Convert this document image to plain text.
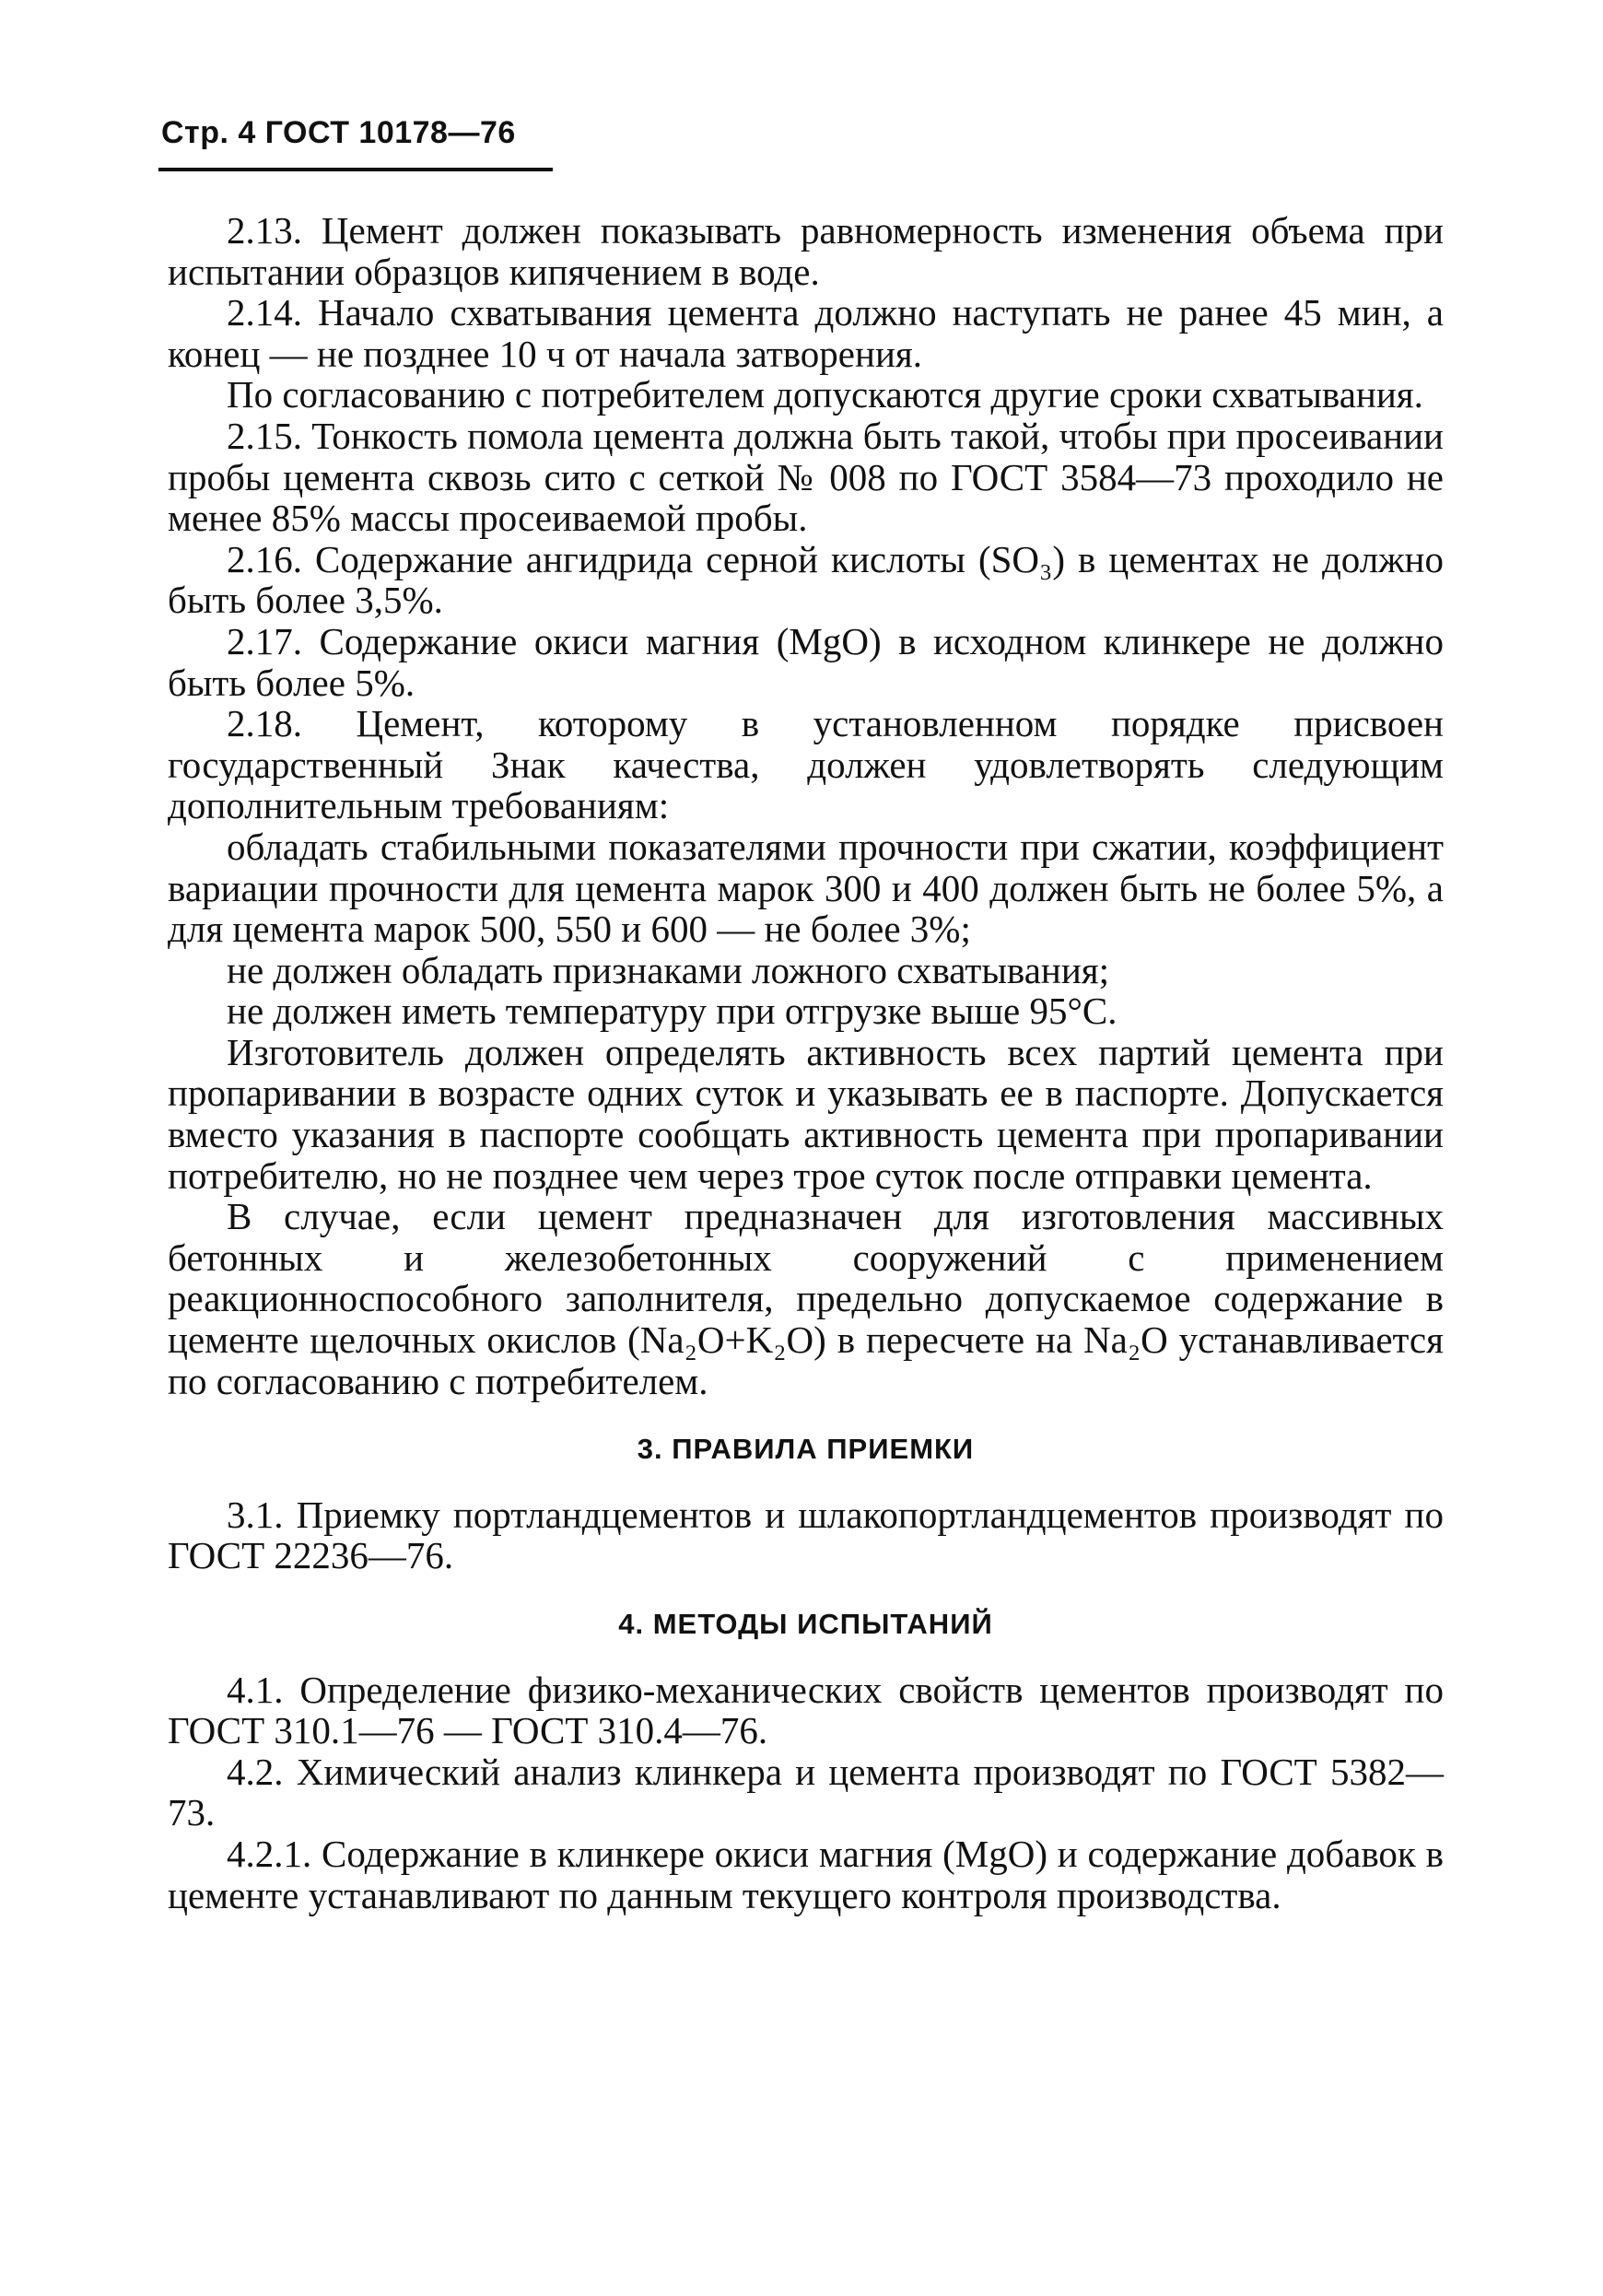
Стр. 4 ГОСТ 10178—76

2.13. Цемент должен показывать равномерность изменения объема при испытании образцов кипячением в воде.

2.14. Начало схватывания цемента должно наступать не ранее 45 мин, а конец — не позднее 10 ч от начала затворения.

По согласованию с потребителем допускаются другие сроки схватывания.

2.15. Тонкость помола цемента должна быть такой, чтобы при просеивании пробы цемента сквозь сито с сеткой № 008 по ГОСТ 3584—73 проходило не менее 85% массы просеиваемой пробы.

2.16. Содержание ангидрида серной кислоты (SO₃) в цементах не должно быть более 3,5%.

2.17. Содержание окиси магния (MgO) в исходном клинкере не должно быть более 5%.

2.18. Цемент, которому в установленном порядке присвоен государственный Знак качества, должен удовлетворять следующим дополнительным требованиям:

обладать стабильными показателями прочности при сжатии, коэффициент вариации прочности для цемента марок 300 и 400 должен быть не более 5%, а для цемента марок 500, 550 и 600 — не более 3%;

не должен обладать признаками ложного схватывания;

не должен иметь температуру при отгрузке выше 95°С.

Изготовитель должен определять активность всех партий цемента при пропаривании в возрасте одних суток и указывать ее в паспорте. Допускается вместо указания в паспорте сообщать активность цемента при пропаривании потребителю, но не позднее чем через трое суток после отправки цемента.

В случае, если цемент предназначен для изготовления массивных бетонных и железобетонных сооружений с применением реакционноспособного заполнителя, предельно допускаемое содержание в цементе щелочных окислов (Na₂O+K₂O) в пересчете на Na₂O устанавливается по согласованию с потребителем.

3. ПРАВИЛА ПРИЕМКИ

3.1. Приемку портландцементов и шлакопортландцементов производят по ГОСТ 22236—76.

4. МЕТОДЫ ИСПЫТАНИЙ

4.1. Определение физико-механических свойств цементов производят по ГОСТ 310.1—76 — ГОСТ 310.4—76.

4.2. Химический анализ клинкера и цемента производят по ГОСТ 5382—73.

4.2.1. Содержание в клинкере окиси магния (MgO) и содержание добавок в цементе устанавливают по данным текущего контроля производства.
